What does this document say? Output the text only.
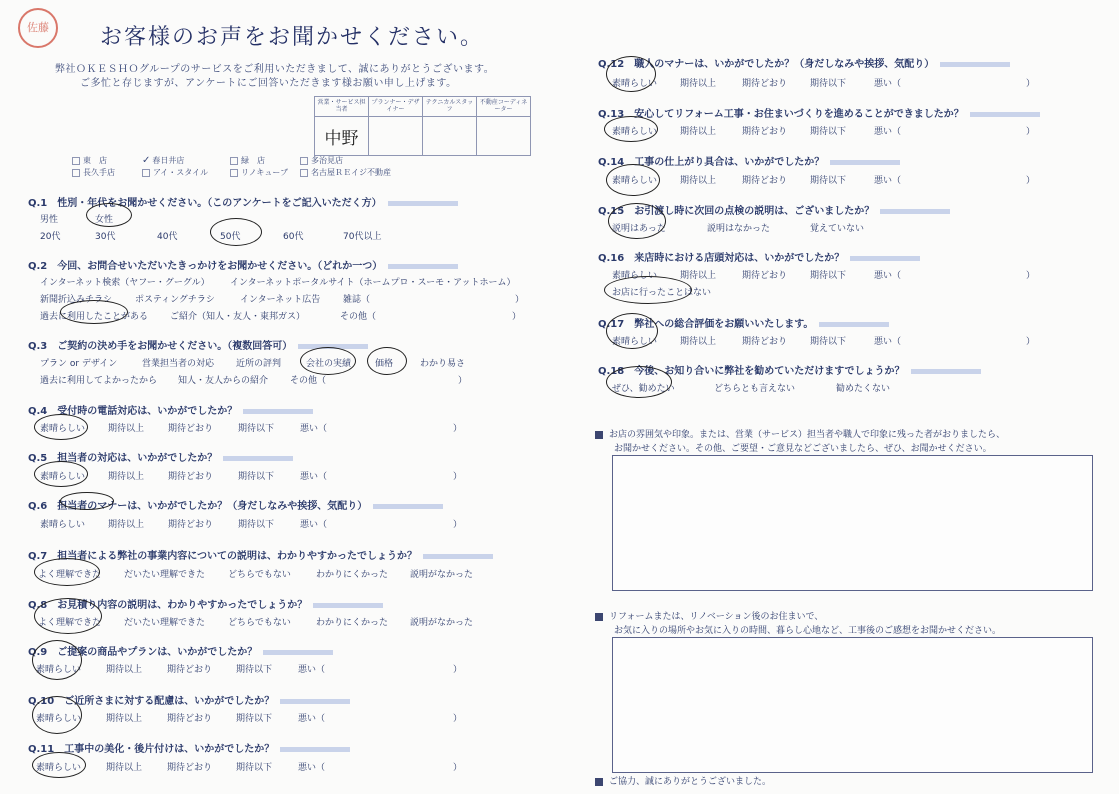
佐藤 お客様のお声をお聞かせください。
弊社ＯＫＥＳＨＯグループのサービスをご利用いただきまして、誠にありがとうございます。
ご多忙と存じますが、アンケートにご回答いただきます様お願い申し上げます。
営業・サービス担当者	プランナー・デザイナー	テクニカルスタッフ	不動産コーディネーター
中野			
東　店	✓ 春日井店	緑　店	多治見店
長久手店	アイ・スタイル	リノキューブ	名古屋ＲＥイジ不動産
Q.1　性別・年代をお聞かせください。（このアンケートをご記入いただく方）
男性	女性
20代	30代	40代	50代	60代	70代以上
Q.2　今回、お問合せいただいたきっかけをお聞かせください。（どれか一つ）
インターネット検索（ヤフー・グーグル） インターネットポータルサイト（ホームプロ・スーモ・アットホーム）
新聞折込みチラシ	ポスティングチラシ	インターネット広告	雑誌（	）
過去に利用したことがある ご紹介（知人・友人・東邦ガス）	その他（	）
Q.3　ご契約の決め手をお聞かせください。（複数回答可）
プラン or デザイン	営業担当者の対応 近所の評判	会社の実績	価格	わかり易さ
過去に利用してよかったから 知人・友人からの紹介 その他（	）
Q.4　受付時の電話対応は、いかがでしたか？
素晴らしい	期待以上	期待どおり	期待以下	悪い（	）
Q.5　担当者の対応は、いかがでしたか？
素晴らしい	期待以上	期待どおり	期待以下	悪い（	）
Q.6　担当者のマナーは、いかがでしたか？（身だしなみや挨拶、気配り）
素晴らしい	期待以上	期待どおり	期待以下	悪い（	）
Q.7　担当者による弊社の事業内容についての説明は、わかりやすかったでしょうか？
よく理解できた	だいたい理解できた	どちらでもない	わかりにくかった 説明がなかった
Q.8　お見積り内容の説明は、わかりやすかったでしょうか？
よく理解できた	だいたい理解できた	どちらでもない	わかりにくかった 説明がなかった
Q.9　ご提案の商品やプランは、いかがでしたか？
素晴らしい	期待以上	期待どおり	期待以下	悪い（	）
Q.10　ご近所さまに対する配慮は、いかがでしたか？
素晴らしい	期待以上	期待どおり	期待以下	悪い（	）
Q.11　工事中の美化・後片付けは、いかがでしたか？
素晴らしい	期待以上	期待どおり	期待以下	悪い（	）
Q.12　職人のマナーは、いかがでしたか？（身だしなみや挨拶、気配り）
素晴らしい	期待以上	期待どおり	期待以下	悪い（	）
Q.13　安心してリフォーム工事・お住まいづくりを進めることができましたか？
素晴らしい	期待以上	期待どおり	期待以下	悪い（	）
Q.14　工事の仕上がり具合は、いかがでしたか？
素晴らしい	期待以上	期待どおり	期待以下	悪い（	）
Q.15　お引渡し時に次回の点検の説明は、ございましたか？
説明はあった	説明はなかった	覚えていない
Q.16　来店時における店頭対応は、いかがでしたか？
素晴らしい	期待以上	期待どおり	期待以下	悪い（	）
お店に行ったことはない
Q.17　弊社への総合評価をお願いいたします。
素晴らしい	期待以上	期待どおり	期待以下	悪い（	）
Q.18　今後、お知り合いに弊社を勧めていただけますでしょうか？
ぜひ、勧めたい	どちらとも言えない	勧めたくない
お店の雰囲気や印象。または、営業（サービス）担当者や職人で印象に残った者がおりましたら、
お聞かせください。その他、ご要望・ご意見などございましたら、ぜひ、お聞かせください。
リフォームまたは、リノベーション後のお住まいで、
お気に入りの場所やお気に入りの時間、暮らし心地など、工事後のご感想をお聞かせください。
ご協力、誠にありがとうございました。
